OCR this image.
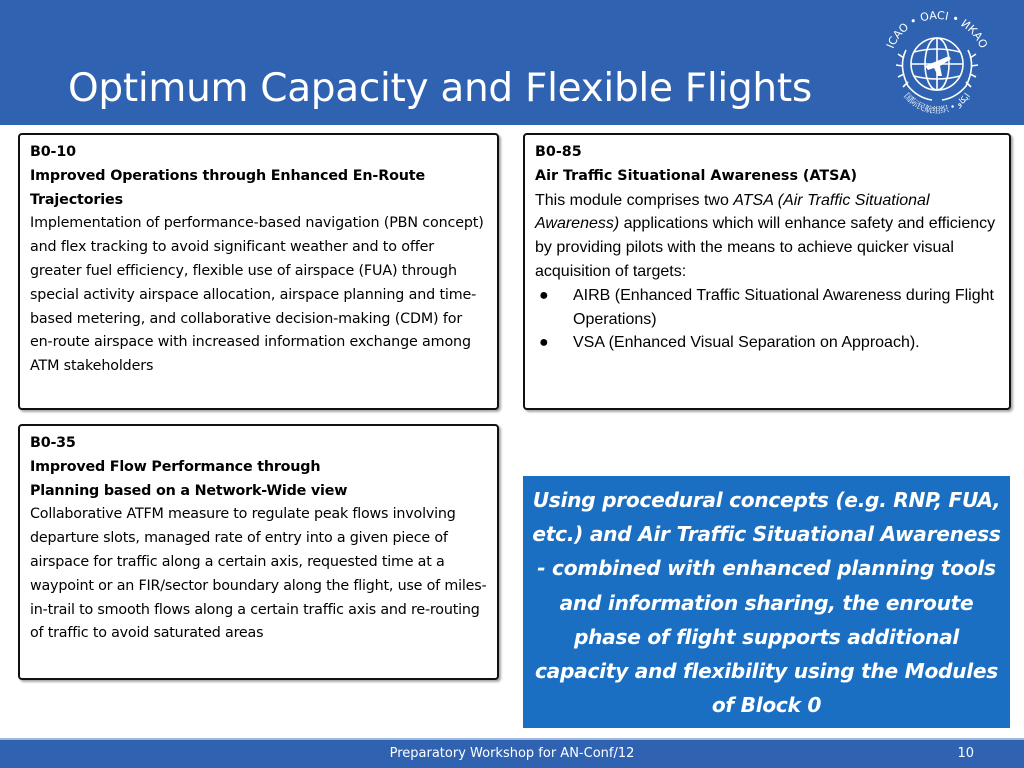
Optimum Capacity and Flexible Flights
ICAO • OACI • ИКАО
国际民航组织 • ايكاو
B0-10
Improved Operations through Enhanced En-Route
Trajectories
Implementation of performance-based navigation (PBN concept) and flex tracking to avoid significant weather and to offer greater fuel efficiency, flexible use of airspace (FUA) through special activity airspace allocation, airspace planning and time-based metering, and collaborative decision-making (CDM) for en-route airspace with increased information exchange among ATM stakeholders
B0-85
Air Traffic Situational Awareness (ATSA)
This module comprises two ATSA (Air Traffic Situational Awareness) applications which will enhance safety and efficiency by providing pilots with the means to achieve quicker visual acquisition of targets:
● AIRB (Enhanced Traffic Situational Awareness during Flight Operations)
● VSA (Enhanced Visual Separation on Approach).
B0-35
Improved Flow Performance through
Planning based on a Network-Wide view
Collaborative ATFM measure to regulate peak flows involving departure slots, managed rate of entry into a given piece of airspace for traffic along a certain axis, requested time at a waypoint or an FIR/sector boundary along the flight, use of miles-in-trail to smooth flows along a certain traffic axis and re-routing of traffic to avoid saturated areas
Using procedural concepts (e.g. RNP, FUA, etc.) and Air Traffic Situational Awareness - combined with enhanced planning tools and information sharing, the enroute phase of flight supports additional capacity and flexibility using the Modules of Block 0
Preparatory Workshop for AN-Conf/12	10
